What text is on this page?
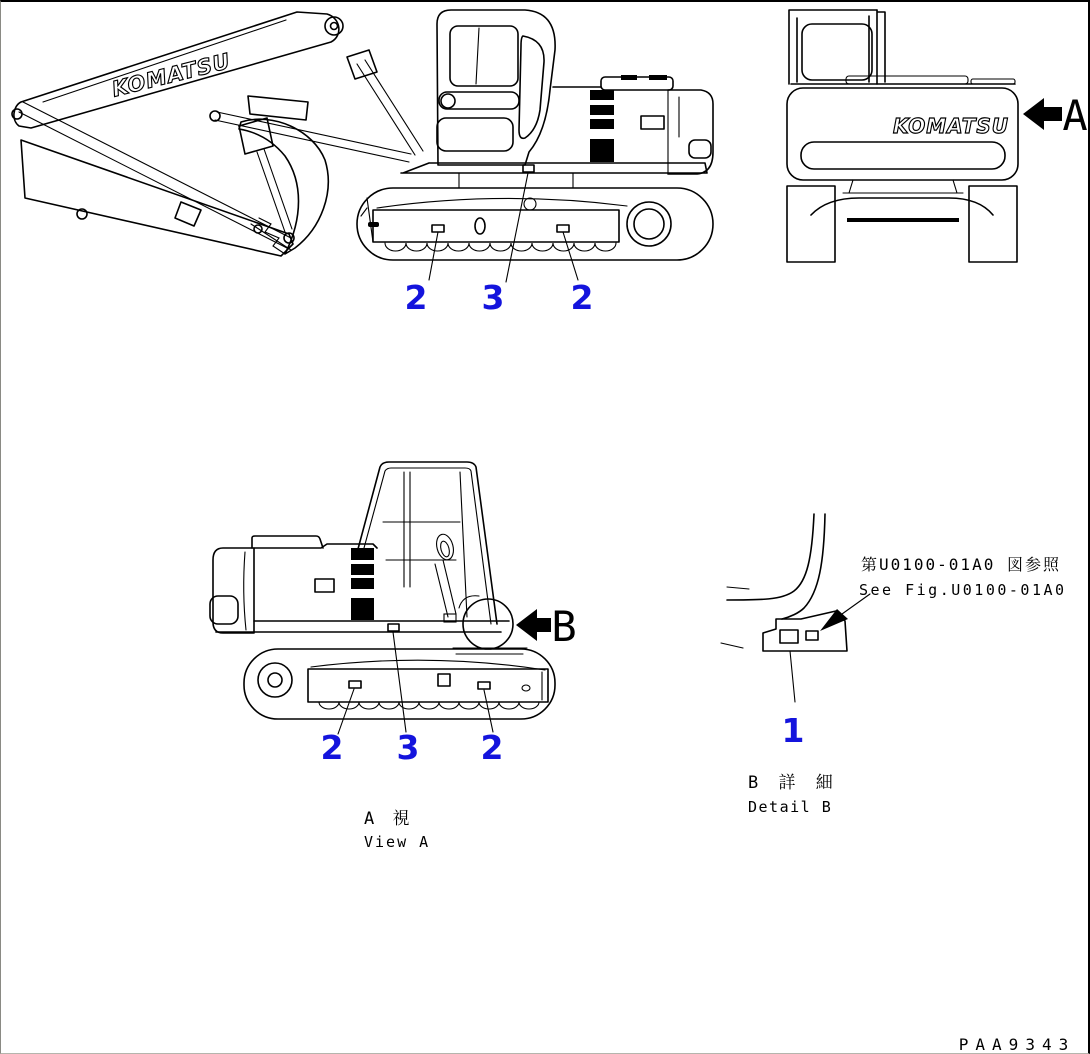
KOMATSU
2 3 2
KOMATSU A
B
2 3 2
A 視
View A
第U0100-01A0 図参照
See Fig.U0100-01A0
1
B 詳 細
Detail B
PAA9343
